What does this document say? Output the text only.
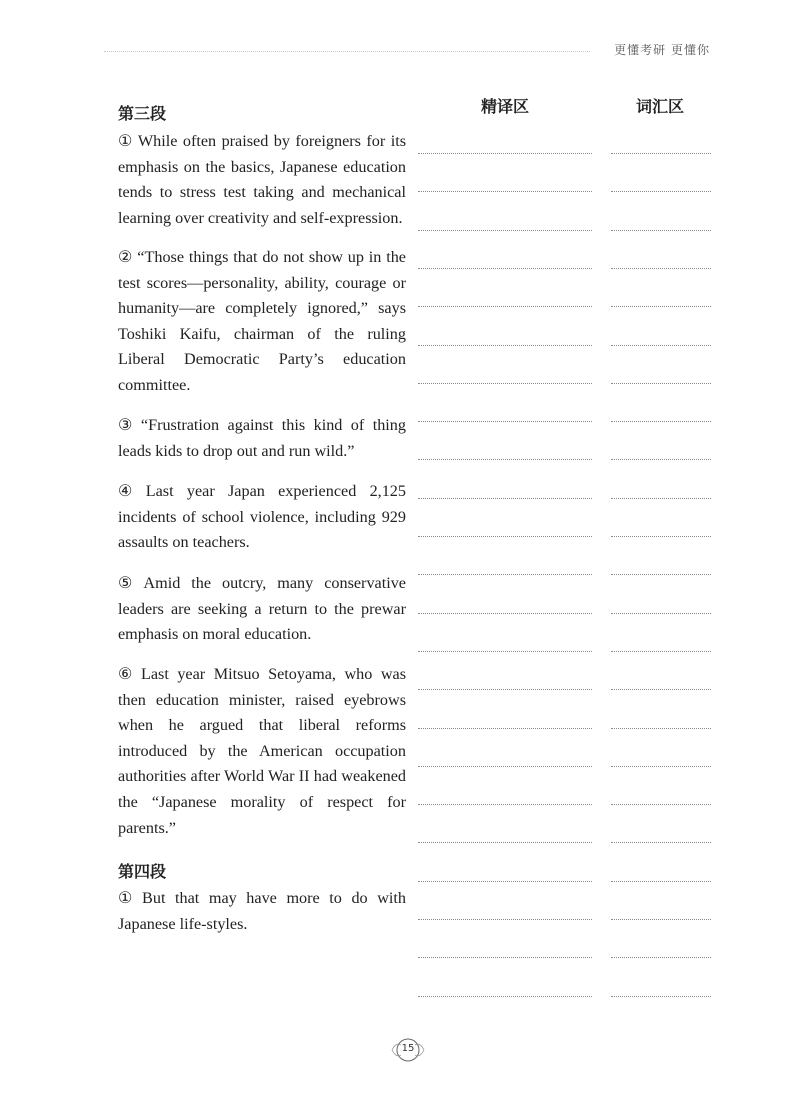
更懂考研 更懂你
精译区	词汇区
第三段

① While often praised by foreigners for its emphasis on the basics, Japanese education tends to stress test taking and mechanical learning over creativity and self-expression.

② “Those things that do not show up in the test scores—personality, ability, courage or humanity—are completely ignored,” says Toshiki Kaifu, chairman of the ruling Liberal Democratic Party’s education committee.

③ “Frustration against this kind of thing leads kids to drop out and run wild.”

④ Last year Japan experienced 2,125 incidents of school violence, including 929 assaults on teachers.

⑤ Amid the outcry, many conservative leaders are seeking a return to the prewar emphasis on moral education.

⑥ Last year Mitsuo Setoyama, who was then education minister, raised eyebrows when he argued that liberal reforms introduced by the American occupation authorities after World War II had weakened the “Japanese morality of respect for parents.”

第四段

① But that may have more to do with Japanese life-styles.

15
